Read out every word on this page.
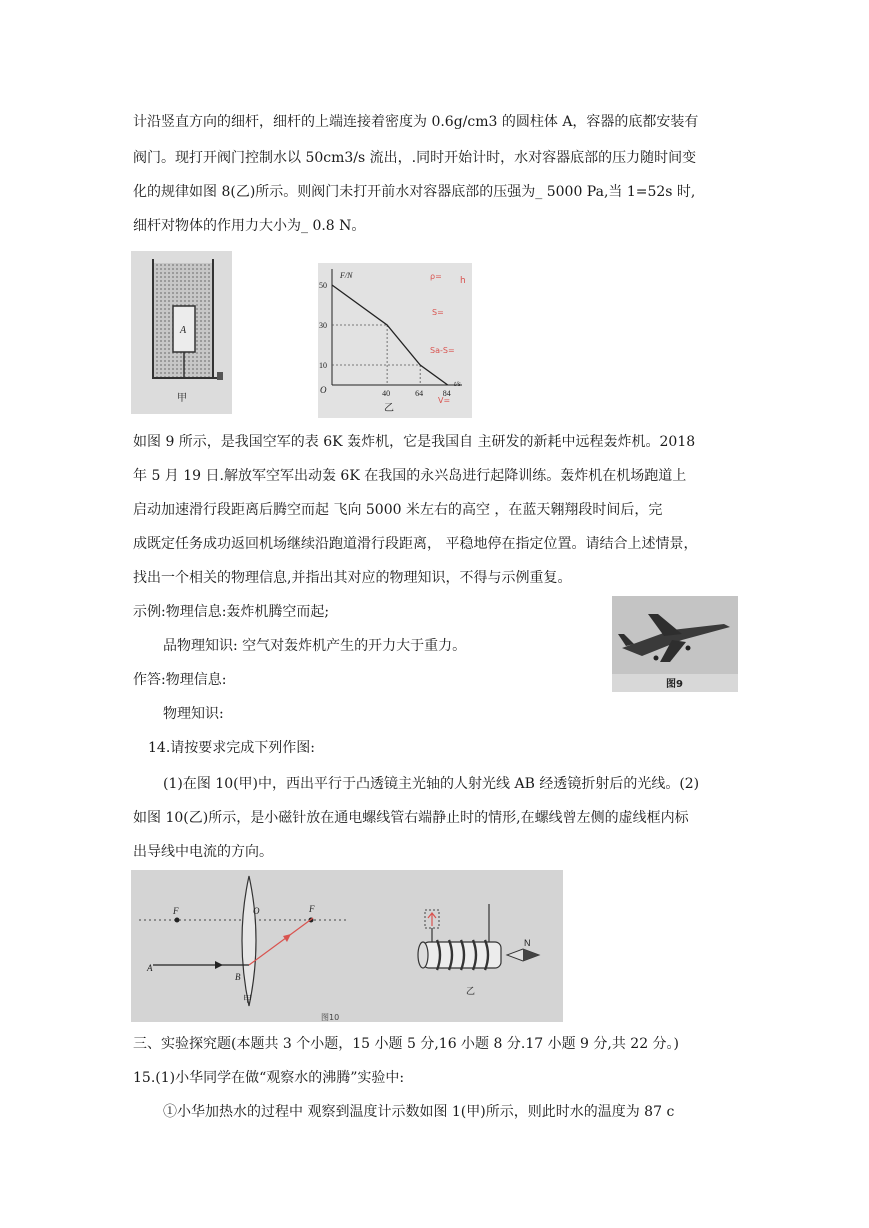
计沿竖直方向的细杆，细杆的上端连接着密度为 0.6g/cm3 的圆柱体 A，容器的底都安装有
阀门。现打开阀门控制水以 50cm3/s 流出，.同时开始计时，水对容器底部的压力随时间变
化的规律如图 8(乙)所示。则阀门未打开前水对容器底部的压强为_ 5000 Pa,当 1=52s 时,
细杆对物体的作用力大小为_ 0.8 N。
A
甲
50
30
10
40	64 84
O
F/N
t/s
乙
ρ= h
S=
Sa-S=
V=
如图 9 所示，是我国空军的表 6K 轰炸机，它是我国自 主研发的新耗中远程轰炸机。2018
年 5 月 19 日.解放军空军出动轰 6K 在我国的永兴岛进行起降训练。轰炸机在机场跑道上
启动加速滑行段距离后腾空而起 飞向 5000 米左右的高空 ，在蓝天翱翔段时间后，完
成既定任务成功返回机场继续沿跑道滑行段距离， 平稳地停在指定位置。请结合上述情景，
找出一个相关的物理信息,并指出其对应的物理知识，不得与示例重复。
示例:物理信息:轰炸机腾空而起;
品物理知识: 空气对轰炸机产生的开力大于重力。
作答:物理信息:
物理知识:
图9
14.请按要求完成下列作图:
(1)在图 10(甲)中，西出平行于凸透镜主光轴的人射光线 AB 经透镜折射后的光线。(2)
如图 10(乙)所示，是小磁针放在通电螺线管右端静止时的情形,在螺线曾左侧的虚线框内标
出导线中电流的方向。
F	O	F
A
B
甲
N
乙
图10
三、实验探究题(本题共 3 个小题，15 小题 5 分,16 小题 8 分.17 小题 9 分,共 22 分。)
15.(1)小华同学在做“观察水的沸腾”实验中:
①小华加热水的过程中 观察到温度计示数如图 1(甲)所示，则此时水的温度为 87 c
